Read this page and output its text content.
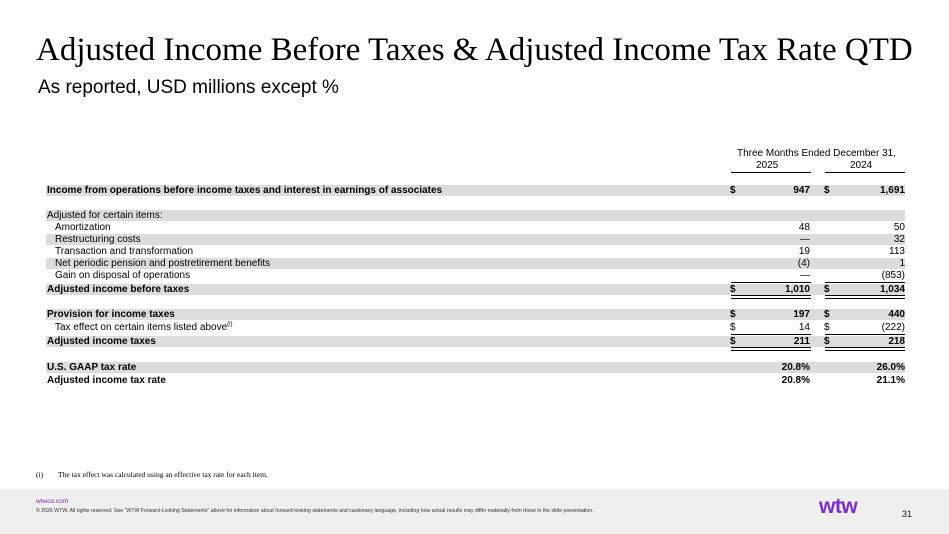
Adjusted Income Before Taxes & Adjusted Income Tax Rate QTD
As reported, USD millions except %
Three Months Ended December 31,
2025	2024
Income from operations before income taxes and interest in earnings of associates	$	947 $	1,691
Adjusted for certain items:
Amortization	48	50
Restructuring costs	—	32
Transaction and transformation	19	113
Net periodic pension and postretirement benefits	(4)	1
Gain on disposal of operations	—	(853)
Adjusted income before taxes	$	1,010 $	1,034
Provision for income taxes	$	197 $	440
Tax effect on certain items listed above$^{(i)}$	$	14 $	(222)
Adjusted income taxes	$	211 $	218
U.S. GAAP tax rate	20.8%	26.0%
Adjusted income tax rate	20.8%	21.1%
(i) The tax effect was calculated using an effective tax rate for each item.
wtwco.com
© 2026 WTW. All rights reserved. See "WTW Forward-Looking Statements" above for information about forward-looking statements and cautionary language, including how actual results may differ materially from those in the slide presentation.	wtw	31
